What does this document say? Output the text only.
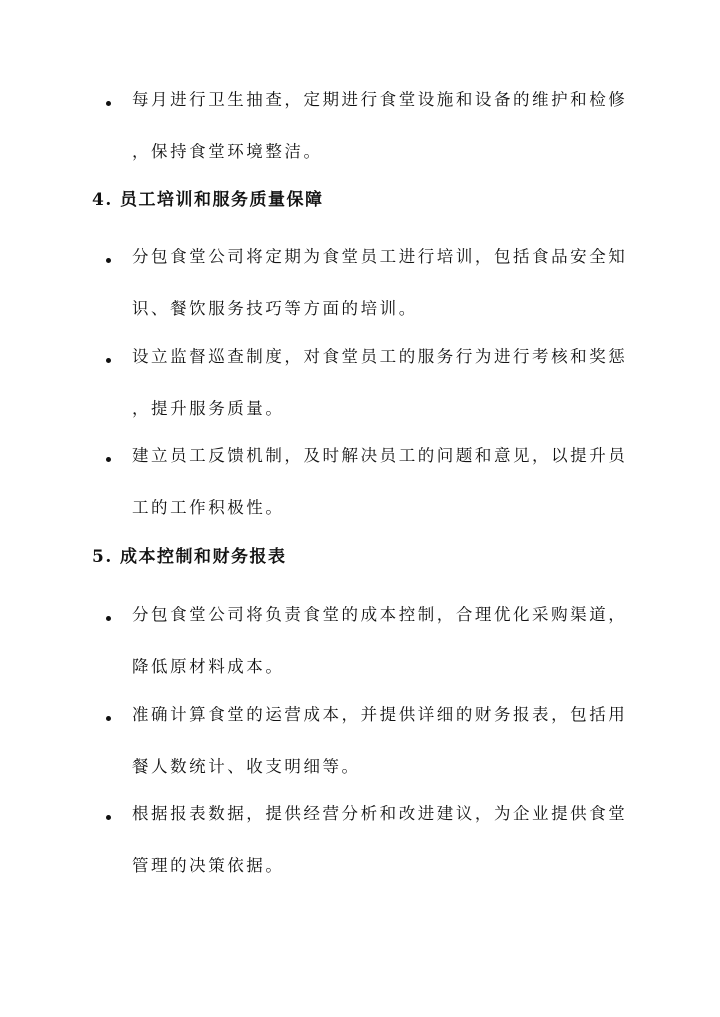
每月进行卫生抽查，定期进行食堂设施和设备的维护和检修
，保持食堂环境整洁。
4. 员工培训和服务质量保障
分包食堂公司将定期为食堂员工进行培训，包括食品安全知
识、餐饮服务技巧等方面的培训。
设立监督巡查制度，对食堂员工的服务行为进行考核和奖惩
，提升服务质量。
建立员工反馈机制，及时解决员工的问题和意见，以提升员
工的工作积极性。
5. 成本控制和财务报表
分包食堂公司将负责食堂的成本控制，合理优化采购渠道，
降低原材料成本。
准确计算食堂的运营成本，并提供详细的财务报表，包括用
餐人数统计、收支明细等。
根据报表数据，提供经营分析和改进建议，为企业提供食堂
管理的决策依据。
